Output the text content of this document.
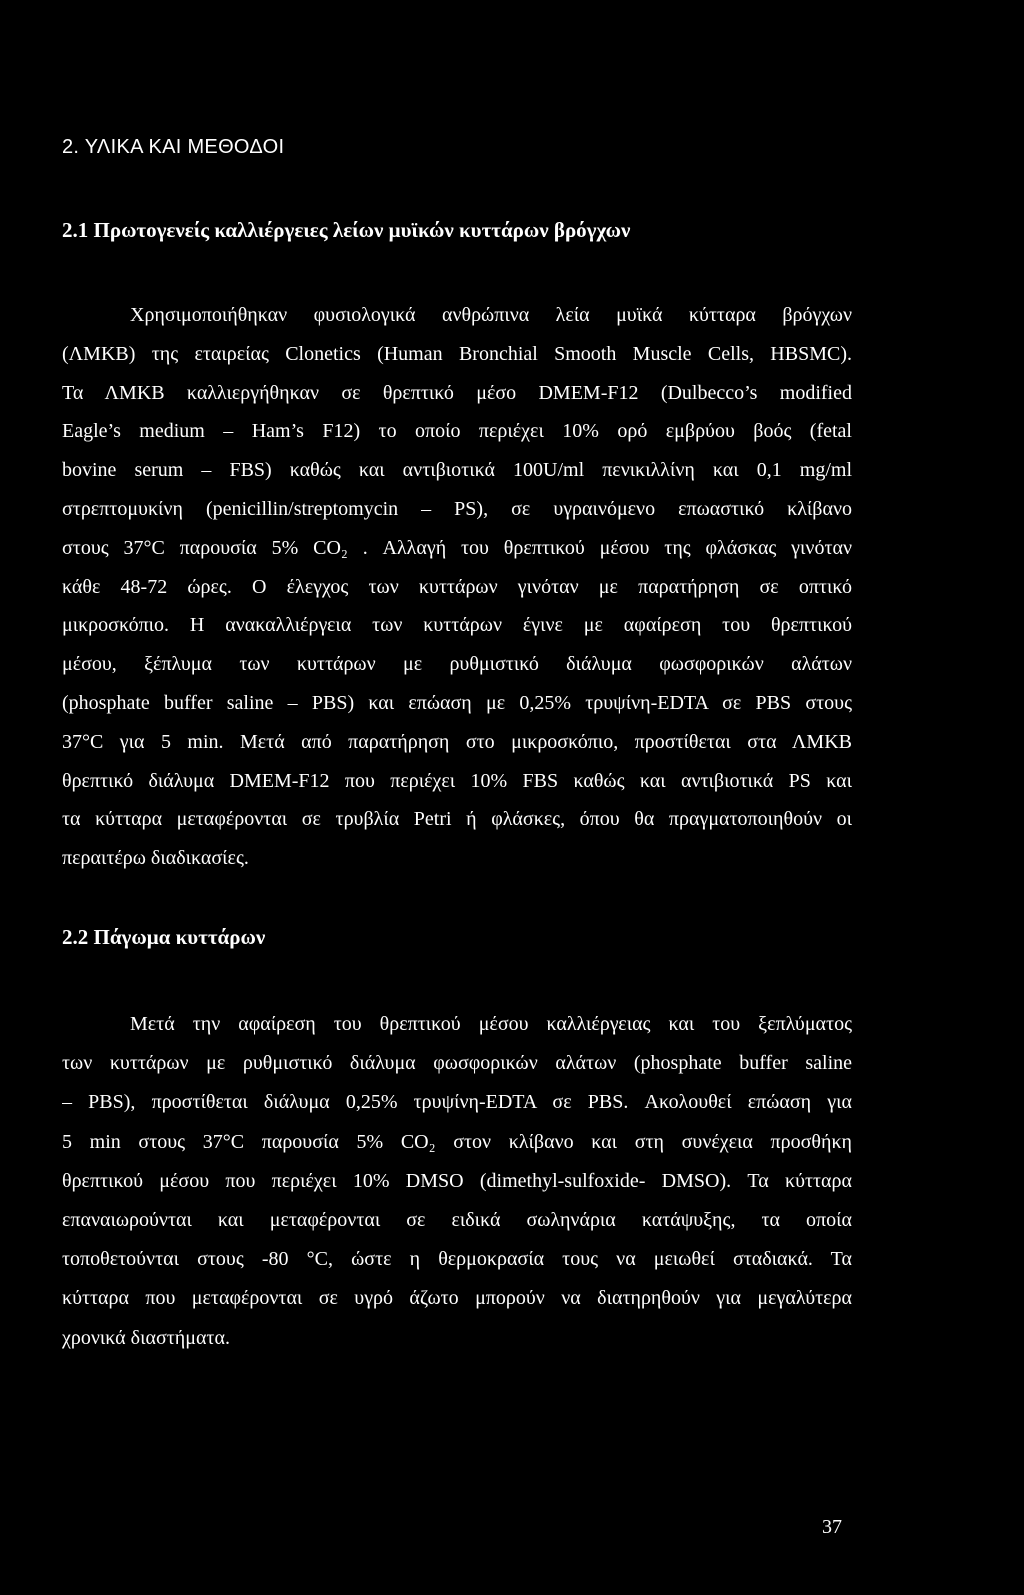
2. ΥΛΙΚΑ ΚΑΙ ΜΕΘΟΔΟΙ
2.1 Πρωτογενείς καλλιέργειες λείων μυϊκών κυττάρων βρόγχων
Χρησιμοποιήθηκαν φυσιολογικά ανθρώπινα λεία μυϊκά κύτταρα βρόγχων
(ΛΜΚΒ) της εταιρείας Clonetics (Human Bronchial Smooth Muscle Cells, HBSMC).
Τα ΛΜΚΒ καλλιεργήθηκαν σε θρεπτικό μέσο DMEM-F12 (Dulbecco’s modified
Eagle’s medium – Ham’s F12) το οποίο περιέχει 10% ορό εμβρύου βοός (fetal
bovine serum – FBS) καθώς και αντιβιοτικά 100U/ml πενικιλλίνη και 0,1 mg/ml
στρεπτομυκίνη (penicillin/streptomycin – PS), σε υγραινόμενο επωαστικό κλίβανο
στους 37°C παρουσία 5% CO₂ . Αλλαγή του θρεπτικού μέσου της φλάσκας γινόταν
κάθε 48-72 ώρες. Ο έλεγχος των κυττάρων γινόταν με παρατήρηση σε οπτικό
μικροσκόπιο. Η ανακαλλιέργεια των κυττάρων έγινε με αφαίρεση του θρεπτικού
μέσου, ξέπλυμα των κυττάρων με ρυθμιστικό διάλυμα φωσφορικών αλάτων
(phosphate buffer saline – PBS) και επώαση με 0,25% τρυψίνη-EDTA σε PBS στους
37°C για 5 min. Μετά από παρατήρηση στο μικροσκόπιο, προστίθεται στα ΛΜΚΒ
θρεπτικό διάλυμα DMEM-F12 που περιέχει 10% FBS καθώς και αντιβιοτικά PS και
τα κύτταρα μεταφέρονται σε τρυβλία Petri ή φλάσκες, όπου θα πραγματοποιηθούν οι
περαιτέρω διαδικασίες.
2.2 Πάγωμα κυττάρων
Μετά την αφαίρεση του θρεπτικού μέσου καλλιέργειας και του ξεπλύματος
των κυττάρων με ρυθμιστικό διάλυμα φωσφορικών αλάτων (phosphate buffer saline
– PBS), προστίθεται διάλυμα 0,25% τρυψίνη-EDTA σε PBS. Ακολουθεί επώαση για
5 min στους 37°C παρουσία 5% CO₂ στον κλίβανο και στη συνέχεια προσθήκη
θρεπτικού μέσου που περιέχει 10% DMSO (dimethyl-sulfoxide- DMSO). Τα κύτταρα
επαναιωρούνται και μεταφέρονται σε ειδικά σωληνάρια κατάψυξης, τα οποία
τοποθετούνται στους -80 °C, ώστε η θερμοκρασία τους να μειωθεί σταδιακά. Τα
κύτταρα που μεταφέρονται σε υγρό άζωτο μπορούν να διατηρηθούν για μεγαλύτερα
χρονικά διαστήματα.
37
